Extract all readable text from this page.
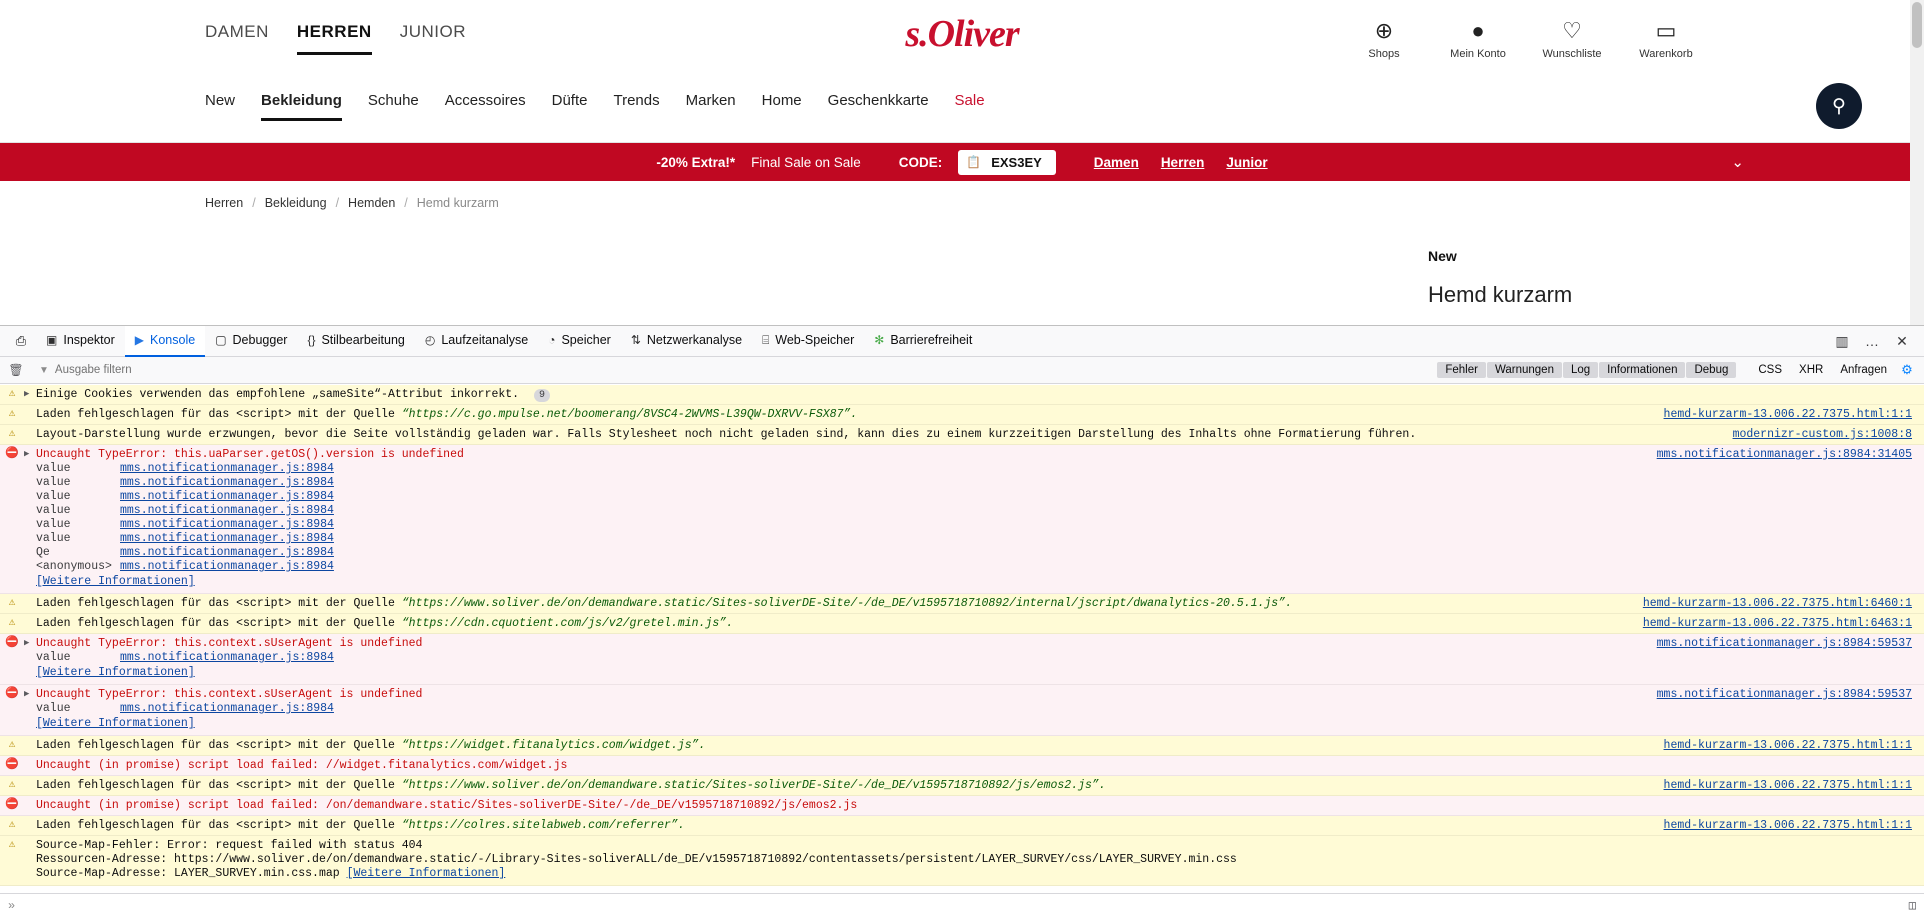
DAMEN HERREN JUNIOR	s.Oliver	⊕
Shops
●
Mein Konto
♡
Wunschliste
▭
Warenkorb
⚲
New Bekleidung Schuhe Accessoires Düfte Trends Marken Home Geschenkkarte Sale
-20% Extra!* Final Sale on Sale	CODE: 📋 EXS3EY	Damen Herren Junior	⌄
Herren / Bekleidung / Hemden / Hemd kurzarm
New
Hemd kurzarm
⎙	▣ Inspektor ▶ Konsole ▢ Debugger {} Stilbearbeitung ◴ Laufzeitanalyse ◔ Speicher ⇅ Netzwerkanalyse ⌸ Web-Speicher ✻ Barrierefreiheit	▥	…	✕
🗑 ▼ Ausgabe filtern	Fehler	Warnungen	Log	Informationen	Debug	CSS	XHR	Anfragen	⚙
⚠ ▶ Einige Cookies verwenden das empfohlene „sameSite“-Attribut inkorrekt. 9
⚠	Laden fehlgeschlagen für das <script> mit der Quelle “https://c.go.mpulse.net/boomerang/8VSC4-2WVMS-L39QW-DXRVV-FSX87”.	hemd-kurzarm-13.006.22.7375.html:1:1
⚠	Layout-Darstellung wurde erzwungen, bevor die Seite vollständig geladen war. Falls Stylesheet noch nicht geladen sind, kann dies zu einem kurzzeitigen Darstellung des Inhalts ohne Formatierung führen.	modernizr-custom.js:1008:8
⛔ ▶ Uncaught TypeError: this.uaParser.getOS().version is undefined	mms.notificationmanager.js:8984:31405
value	mms.notificationmanager.js:8984
value	mms.notificationmanager.js:8984
value	mms.notificationmanager.js:8984
value	mms.notificationmanager.js:8984
value	mms.notificationmanager.js:8984
value	mms.notificationmanager.js:8984
Qe	mms.notificationmanager.js:8984
<anonymous> mms.notificationmanager.js:8984
[Weitere Informationen]
⚠	Laden fehlgeschlagen für das <script> mit der Quelle “https://www.soliver.de/on/demandware.static/Sites-soliverDE-Site/-/de_DE/v1595718710892/internal/jscript/dwanalytics-20.5.1.js”.	hemd-kurzarm-13.006.22.7375.html:6460:1
⚠	Laden fehlgeschlagen für das <script> mit der Quelle “https://cdn.cquotient.com/js/v2/gretel.min.js”.	hemd-kurzarm-13.006.22.7375.html:6463:1
⛔ ▶ Uncaught TypeError: this.context.sUserAgent is undefined	mms.notificationmanager.js:8984:59537
value	mms.notificationmanager.js:8984
[Weitere Informationen]
⛔ ▶ Uncaught TypeError: this.context.sUserAgent is undefined	mms.notificationmanager.js:8984:59537
value	mms.notificationmanager.js:8984
[Weitere Informationen]
⚠	Laden fehlgeschlagen für das <script> mit der Quelle “https://widget.fitanalytics.com/widget.js”.	hemd-kurzarm-13.006.22.7375.html:1:1
⛔	Uncaught (in promise) script load failed: //widget.fitanalytics.com/widget.js
⚠	Laden fehlgeschlagen für das <script> mit der Quelle “https://www.soliver.de/on/demandware.static/Sites-soliverDE-Site/-/de_DE/v1595718710892/js/emos2.js”.	hemd-kurzarm-13.006.22.7375.html:1:1
⛔	Uncaught (in promise) script load failed: /on/demandware.static/Sites-soliverDE-Site/-/de_DE/v1595718710892/js/emos2.js
⚠	Laden fehlgeschlagen für das <script> mit der Quelle “https://colres.sitelabweb.com/referrer”.	hemd-kurzarm-13.006.22.7375.html:1:1
⚠	Source-Map-Fehler: Error: request failed with status 404
Ressourcen-Adresse: https://www.soliver.de/on/demandware.static/-/Library-Sites-soliverALL/de_DE/v1595718710892/contentassets/persistent/LAYER_SURVEY/css/LAYER_SURVEY.min.css
Source-Map-Adresse: LAYER_SURVEY.min.css.map [Weitere Informationen]
»	◫
